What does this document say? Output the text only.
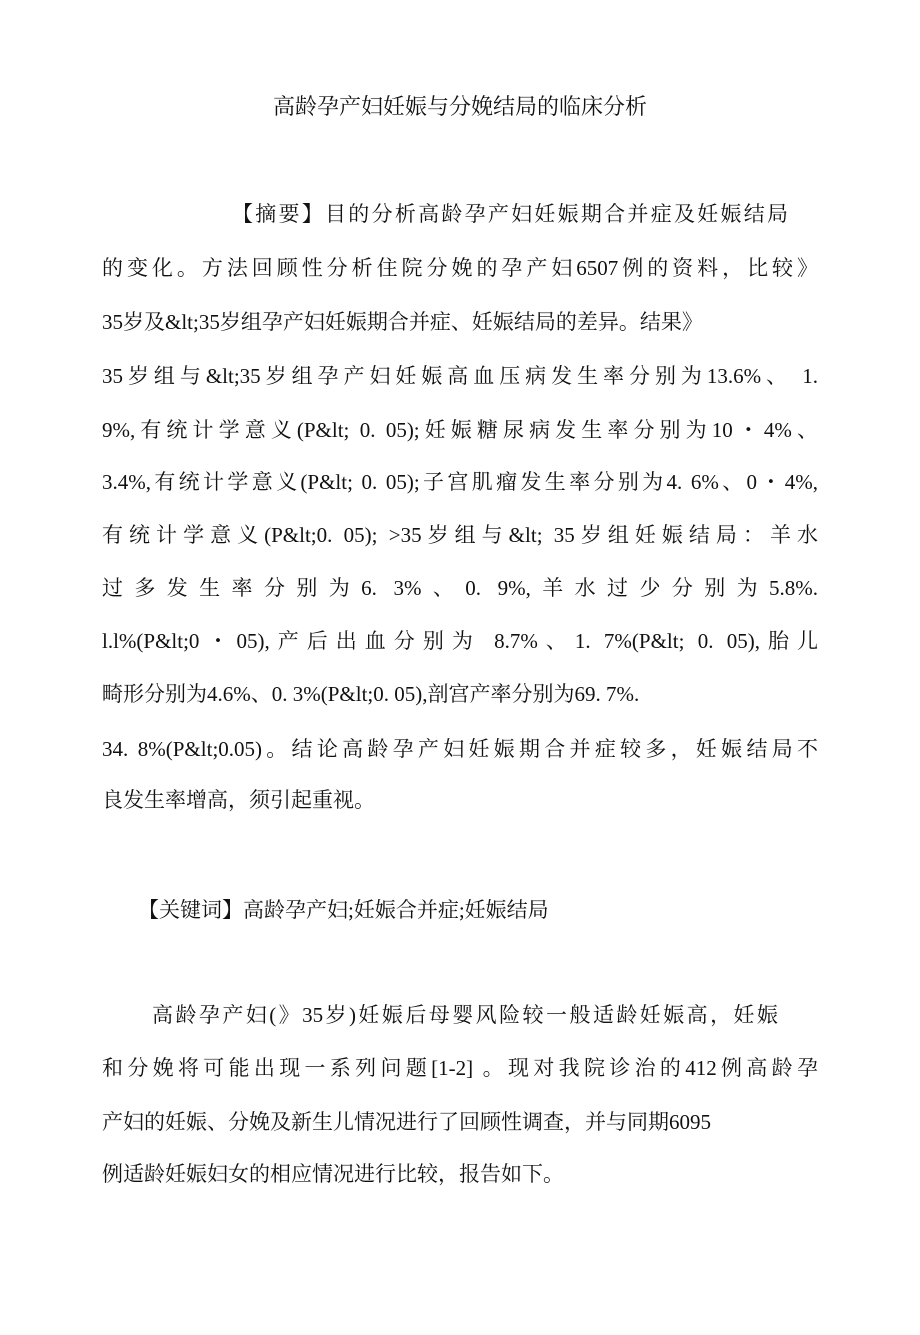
高龄孕产妇妊娠与分娩结局的临床分析
【摘要】目的分析高龄孕产妇妊娠期合并症及妊娠结局
的变化。方法回顾性分析住院分娩的孕产妇6507例的资料，比较》
35岁及&lt;35岁组孕产妇妊娠期合并症、妊娠结局的差异。结果》
35岁组与&lt;35岁组孕产妇妊娠高血压病发生率分别为13.6%、 1.
9%,有统计学意义(P&lt; 0. 05);妊娠糖尿病发生率分别为10・4%、
3.4%,有统计学意义(P&lt; 0. 05);子宫肌瘤发生率分别为4. 6%、0・4%,
有统计学意义(P&lt;0. 05); >35岁组与&lt; 35岁组妊娠结局：羊水
过多发生率分别为6. 3%、0. 9%,羊水过少分别为5.8%.
l.l%(P&lt;0・05),产后出血分别为 8.7%、1. 7%(P&lt; 0. 05),胎儿
畸形分别为4.6%、0. 3%(P&lt;0. 05),剖宫产率分别为69. 7%.
34. 8%(P&lt;0.05)。结论高龄孕产妇妊娠期合并症较多，妊娠结局不
良发生率增高，须引起重视。
【关键词】高龄孕产妇;妊娠合并症;妊娠结局
高龄孕产妇(》35岁)妊娠后母婴风险较一般适龄妊娠高，妊娠
和分娩将可能出现一系列问题[1-2] 。现对我院诊治的412例高龄孕
产妇的妊娠、分娩及新生儿情况进行了回顾性调查，并与同期6095
例适龄妊娠妇女的相应情况进行比较，报告如下。
